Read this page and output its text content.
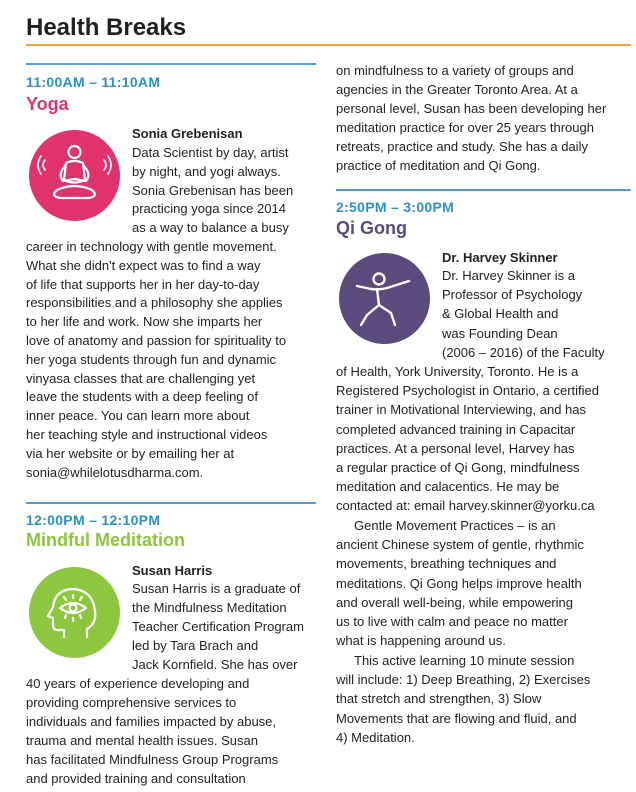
Health Breaks
11:00AM – 11:10AM
Yoga
Sonia Grebenisan
Data Scientist by day, artist
by night, and yogi always.
Sonia Grebenisan has been
practicing yoga since 2014
as a way to balance a busy
career in technology with gentle movement.
What she didn't expect was to find a way
of life that supports her in her day-to-day
responsibilities and a philosophy she applies
to her life and work. Now she imparts her
love of anatomy and passion for spirituality to
her yoga students through fun and dynamic
vinyasa classes that are challenging yet
leave the students with a deep feeling of
inner peace. You can learn more about
her teaching style and instructional videos
via her website or by emailing her at
sonia@whilelotusdharma.com.
12:00PM – 12:10PM
Mindful Meditation
Susan Harris
Susan Harris is a graduate of
the Mindfulness Meditation
Teacher Certification Program
led by Tara Brach and
Jack Kornfield. She has over
40 years of experience developing and
providing comprehensive services to
individuals and families impacted by abuse,
trauma and mental health issues. Susan
has facilitated Mindfulness Group Programs
and provided training and consultation
on mindfulness to a variety of groups and
agencies in the Greater Toronto Area. At a
personal level, Susan has been developing her
meditation practice for over 25 years through
retreats, practice and study. She has a daily
practice of meditation and Qi Gong.
2:50PM – 3:00PM
Qi Gong
Dr. Harvey Skinner
Dr. Harvey Skinner is a
Professor of Psychology
& Global Health and
was Founding Dean
(2006 – 2016) of the Faculty
of Health, York University, Toronto. He is a
Registered Psychologist in Ontario, a certified
trainer in Motivational Interviewing, and has
completed advanced training in Capacitar
practices. At a personal level, Harvey has
a regular practice of Qi Gong, mindfulness
meditation and calacentics. He may be
contacted at: email harvey.skinner@yorku.ca
Gentle Movement Practices – is an
ancient Chinese system of gentle, rhythmic
movements, breathing techniques and
meditations. Qi Gong helps improve health
and overall well-being, while empowering
us to live with calm and peace no matter
what is happening around us.
This active learning 10 minute session
will include: 1) Deep Breathing, 2) Exercises
that stretch and strengthen, 3) Slow
Movements that are flowing and fluid, and
4) Meditation.
